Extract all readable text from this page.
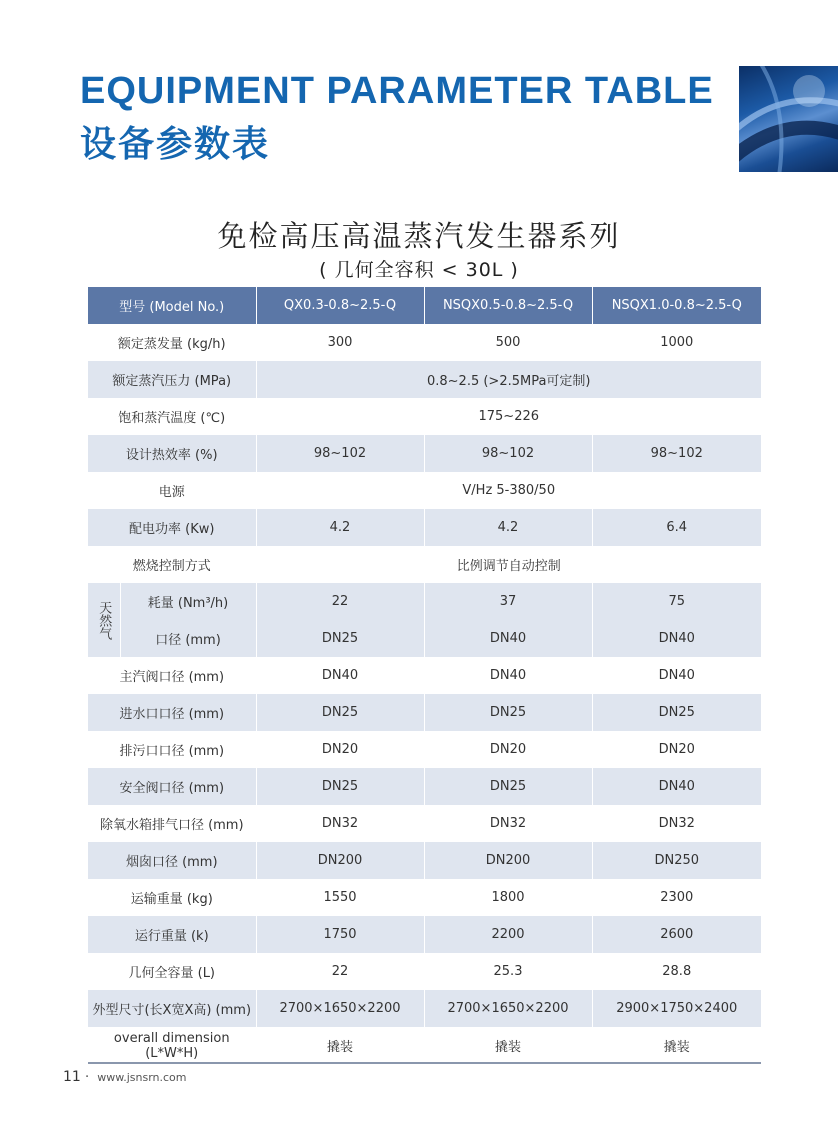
EQUIPMENT PARAMETER TABLE
设备参数表
免检高压高温蒸汽发生器系列
( 几何全容积 < 30L )
型号 (Model No.)		QX0.3-0.8~2.5-Q	NSQX0.5-0.8~2.5-Q	NSQX1.0-0.8~2.5-Q
额定蒸发量 (kg/h)		300	500	1000
额定蒸汽压力 (MPa)		0.8~2.5 (>2.5MPa可定制)		
饱和蒸汽温度 (℃)		175~226		
设计热效率 (%)		98~102	98~102	98~102
电源		V/Hz 5-380/50		
配电功率 (Kw)		4.2	4.2	6.4
燃烧控制方式		比例调节自动控制		
天然气	耗量 (Nm³/h)	22	37	75
	口径 (mm)	DN25	DN40	DN40
主汽阀口径 (mm)		DN40	DN40	DN40
进水口口径 (mm)		DN25	DN25	DN25
排污口口径 (mm)		DN20	DN20	DN20
安全阀口径 (mm)		DN25	DN25	DN40
除氧水箱排气口径 (mm)		DN32	DN32	DN32
烟囱口径 (mm)		DN200	DN200	DN250
运输重量 (kg)		1550	1800	2300
运行重量 (k)		1750	2200	2600
几何全容量 (L)		22	25.3	28.8
外型尺寸(长X宽X高) (mm)		2700×1650×2200	2700×1650×2200	2900×1750×2400
overall dimension (L*W*H)		撬装	撬装	撬装
11 · www.jsnsrn.com
